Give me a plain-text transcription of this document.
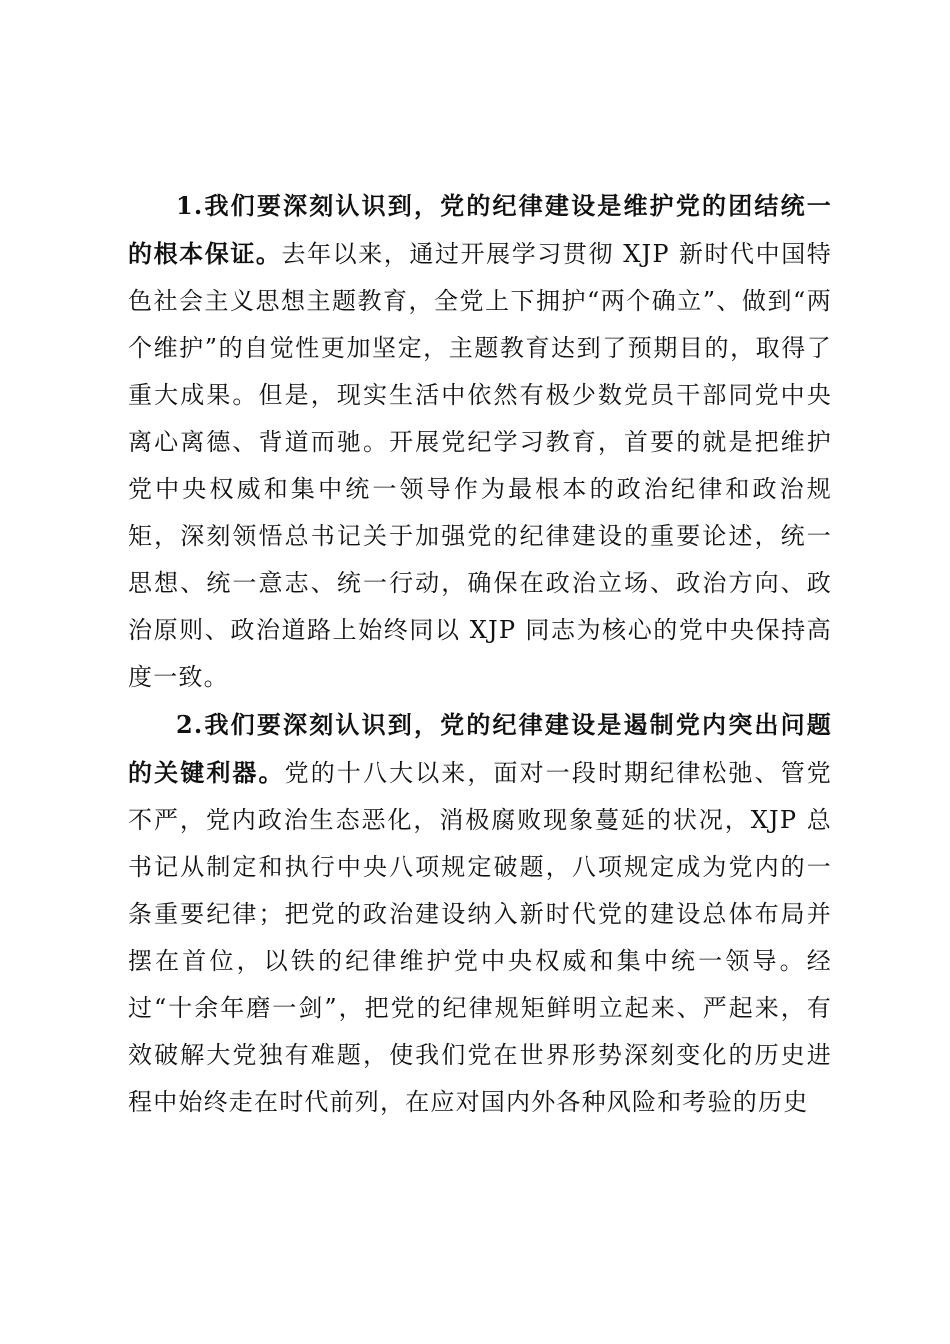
1.我们要深刻认识到，党的纪律建设是维护党的团结统一的根本保证。去年以来，通过开展学习贯彻 XJP 新时代中国特色社会主义思想主题教育，全党上下拥护“两个确立”、做到“两个维护”的自觉性更加坚定，主题教育达到了预期目的，取得了重大成果。但是，现实生活中依然有极少数党员干部同党中央离心离德、背道而驰。开展党纪学习教育，首要的就是把维护党中央权威和集中统一领导作为最根本的政治纪律和政治规矩，深刻领悟总书记关于加强党的纪律建设的重要论述，统一思想、统一意志、统一行动，确保在政治立场、政治方向、政治原则、政治道路上始终同以 XJP 同志为核心的党中央保持高度一致。

2.我们要深刻认识到，党的纪律建设是遏制党内突出问题的关键利器。党的十八大以来，面对一段时期纪律松弛、管党不严，党内政治生态恶化，消极腐败现象蔓延的状况，XJP 总书记从制定和执行中央八项规定破题，八项规定成为党内的一条重要纪律；把党的政治建设纳入新时代党的建设总体布局并摆在首位，以铁的纪律维护党中央权威和集中统一领导。经过“十余年磨一剑”，把党的纪律规矩鲜明立起来、严起来，有效破解大党独有难题，使我们党在世界形势深刻变化的历史进程中始终走在时代前列，在应对国内外各种风险和考验的历史
